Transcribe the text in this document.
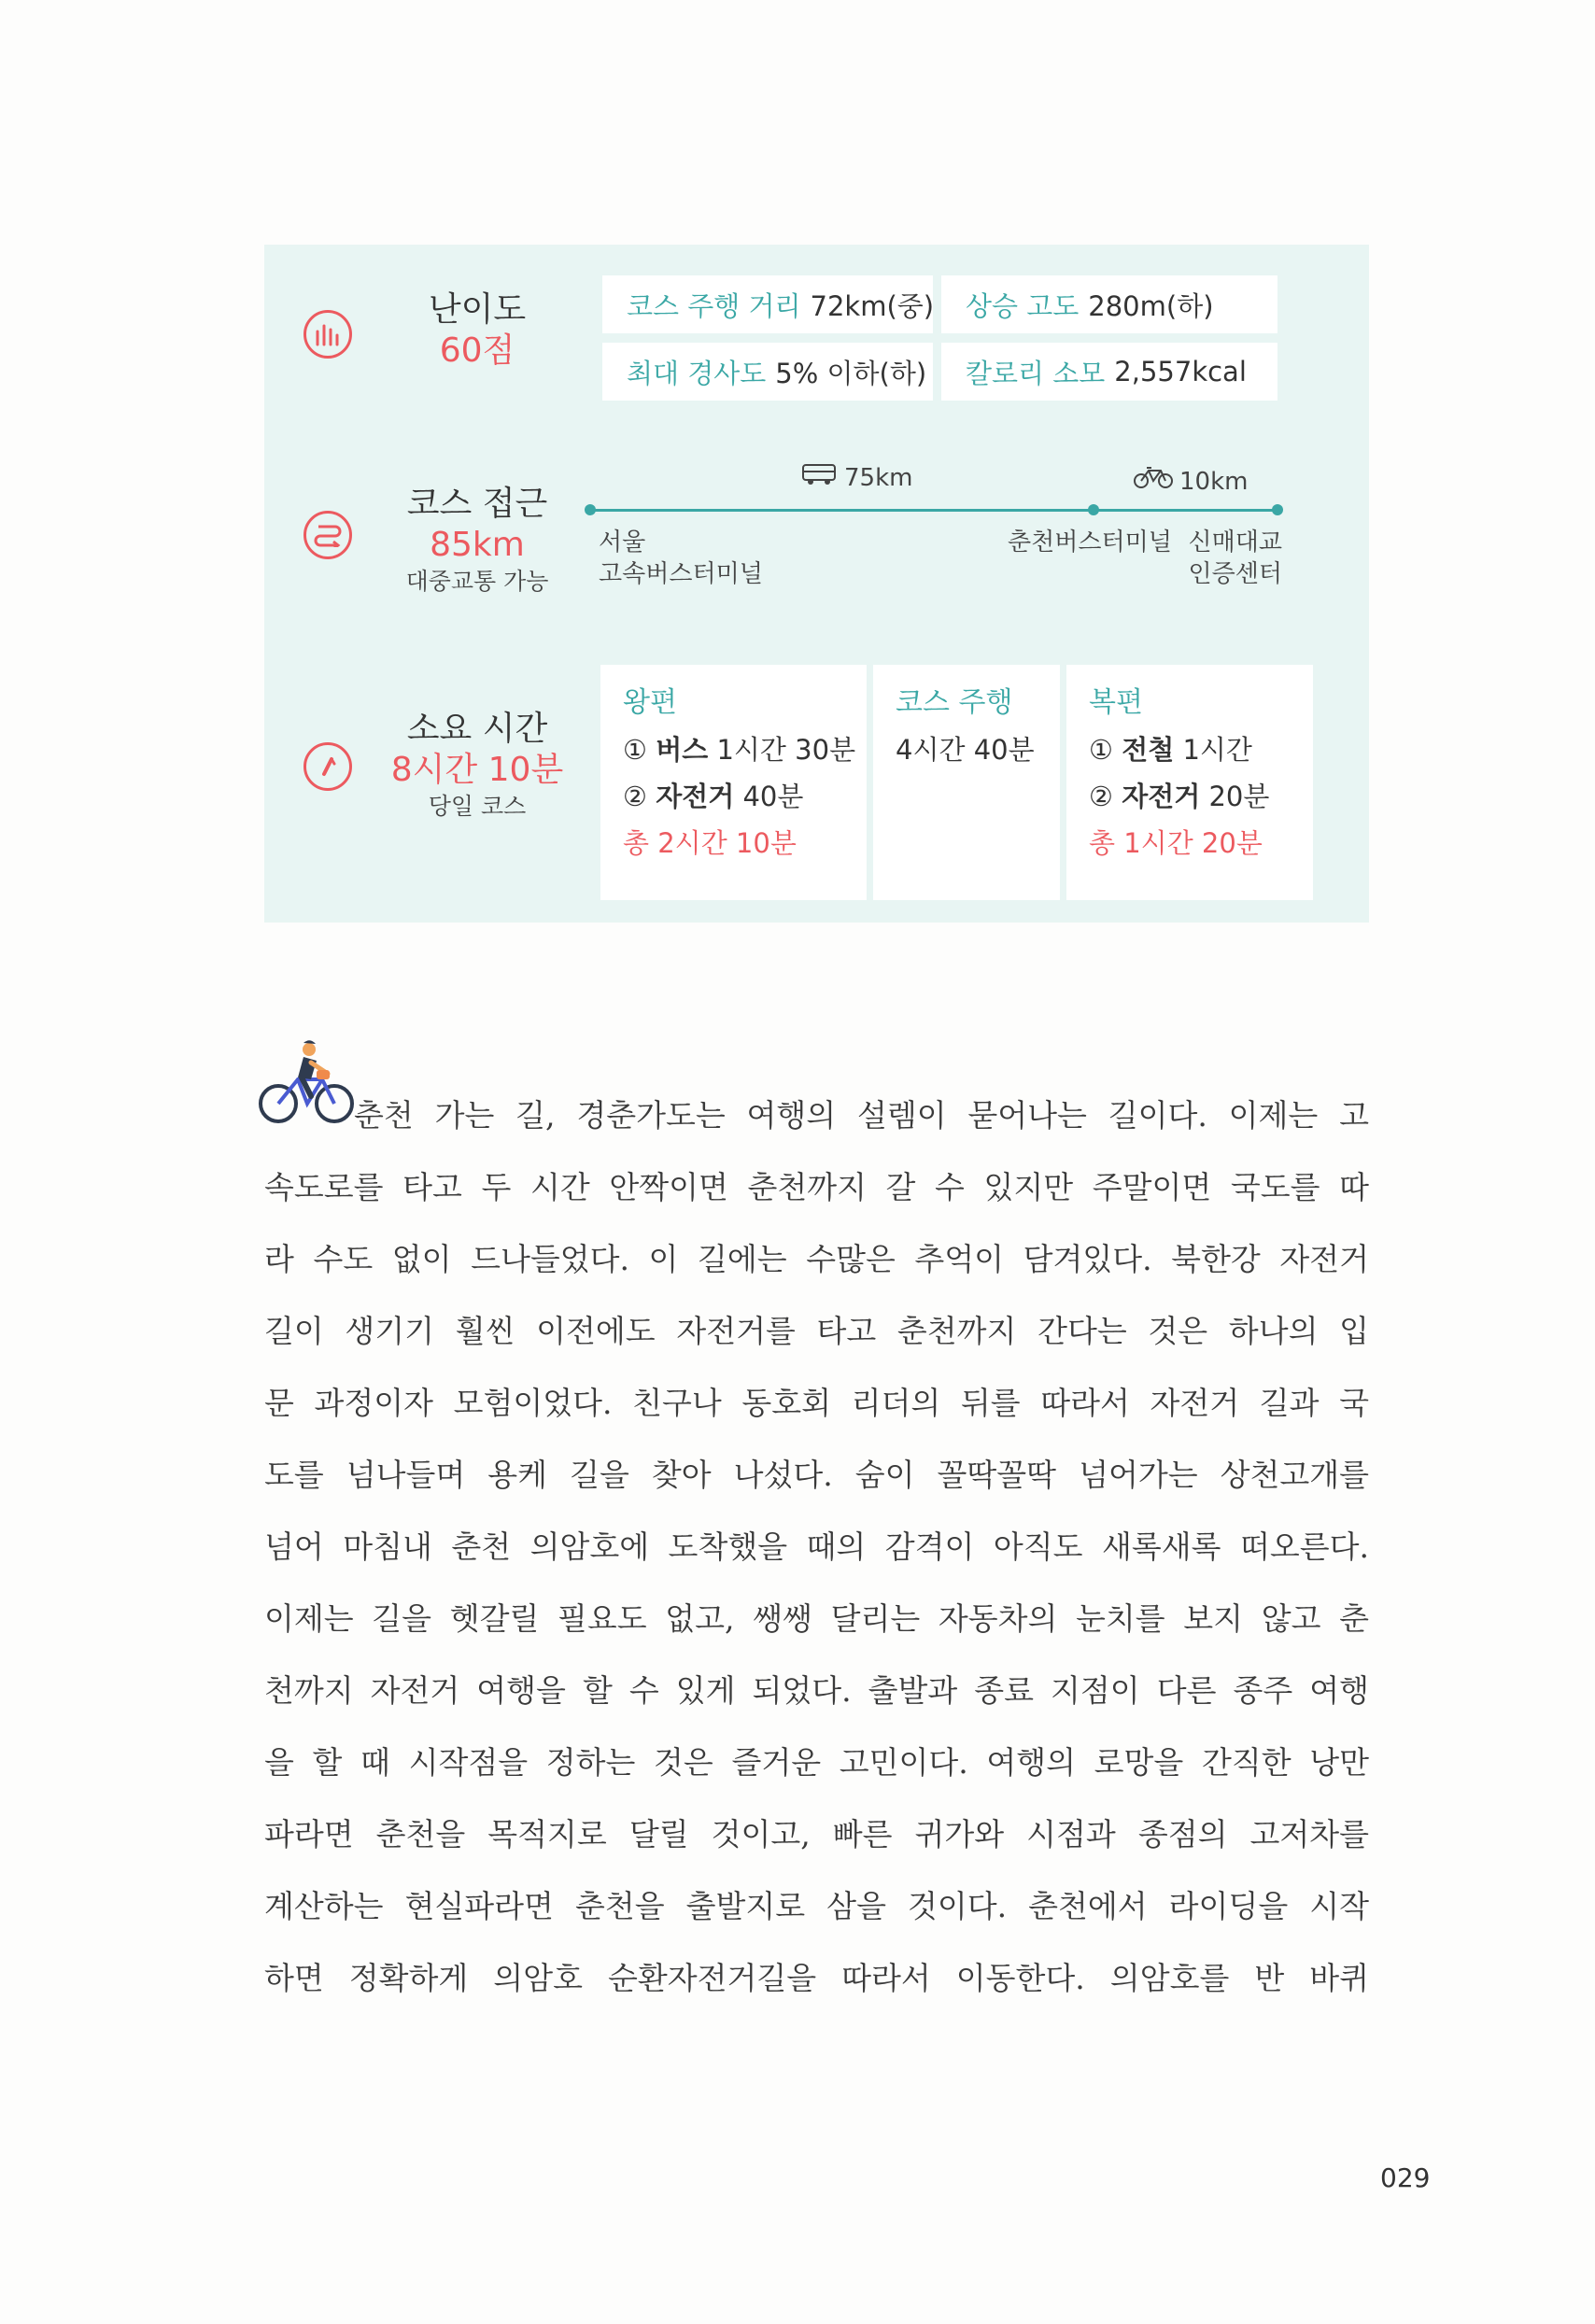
난이도
60점
코스 주행 거리 72km(중) 상승 고도 280m(하)
최대 경사도 5% 이하(하) 칼로리 소모 2,557kcal
코스 접근
85km
대중교통 가능
75km	10km
서울
고속버스터미널
춘천버스터미널 신매대교
인증센터
소요 시간
8시간 10분
당일 코스
왕편
① 버스 1시간 30분
② 자전거 40분
총 2시간 10분
코스 주행
4시간 40분
복편
① 전철 1시간
② 자전거 20분
총 1시간 20분
춘천 가는 길, 경춘가도는 여행의 설렘이 묻어나는 길이다. 이제는 고
속도로를 타고 두 시간 안짝이면 춘천까지 갈 수 있지만 주말이면 국도를 따
라 수도 없이 드나들었다. 이 길에는 수많은 추억이 담겨있다. 북한강 자전거
길이 생기기 훨씬 이전에도 자전거를 타고 춘천까지 간다는 것은 하나의 입
문 과정이자 모험이었다. 친구나 동호회 리더의 뒤를 따라서 자전거 길과 국
도를 넘나들며 용케 길을 찾아 나섰다. 숨이 꼴딱꼴딱 넘어가는 상천고개를
넘어 마침내 춘천 의암호에 도착했을 때의 감격이 아직도 새록새록 떠오른다.
이제는 길을 헷갈릴 필요도 없고, 쌩쌩 달리는 자동차의 눈치를 보지 않고 춘
천까지 자전거 여행을 할 수 있게 되었다. 출발과 종료 지점이 다른 종주 여행
을 할 때 시작점을 정하는 것은 즐거운 고민이다. 여행의 로망을 간직한 낭만
파라면 춘천을 목적지로 달릴 것이고, 빠른 귀가와 시점과 종점의 고저차를
계산하는 현실파라면 춘천을 출발지로 삼을 것이다. 춘천에서 라이딩을 시작
하면 정확하게 의암호 순환자전거길을 따라서 이동한다. 의암호를 반 바퀴
029
